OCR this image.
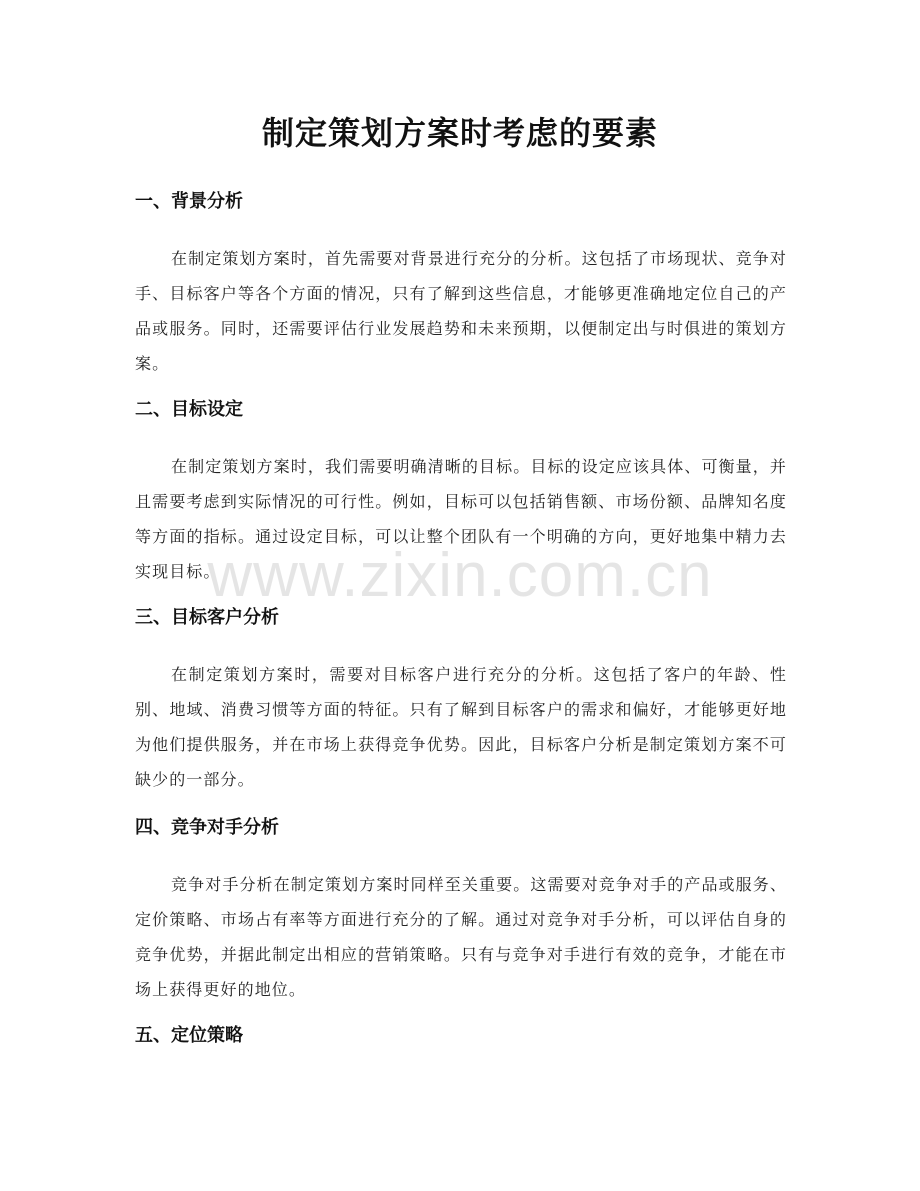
制定策划方案时考虑的要素
一、背景分析
在制定策划方案时，首先需要对背景进行充分的分析。这包括了市场现状、竞争对手、目标客户等各个方面的情况，只有了解到这些信息，才能够更准确地定位自己的产品或服务。同时，还需要评估行业发展趋势和未来预期，以便制定出与时俱进的策划方案。
二、目标设定
在制定策划方案时，我们需要明确清晰的目标。目标的设定应该具体、可衡量，并且需要考虑到实际情况的可行性。例如，目标可以包括销售额、市场份额、品牌知名度等方面的指标。通过设定目标，可以让整个团队有一个明确的方向，更好地集中精力去实现目标。
三、目标客户分析
在制定策划方案时，需要对目标客户进行充分的分析。这包括了客户的年龄、性别、地域、消费习惯等方面的特征。只有了解到目标客户的需求和偏好，才能够更好地为他们提供服务，并在市场上获得竞争优势。因此，目标客户分析是制定策划方案不可缺少的一部分。
四、竞争对手分析
竞争对手分析在制定策划方案时同样至关重要。这需要对竞争对手的产品或服务、定价策略、市场占有率等方面进行充分的了解。通过对竞争对手分析，可以评估自身的竞争优势，并据此制定出相应的营销策略。只有与竞争对手进行有效的竞争，才能在市场上获得更好的地位。
五、定位策略
www.zixin.com.cn
